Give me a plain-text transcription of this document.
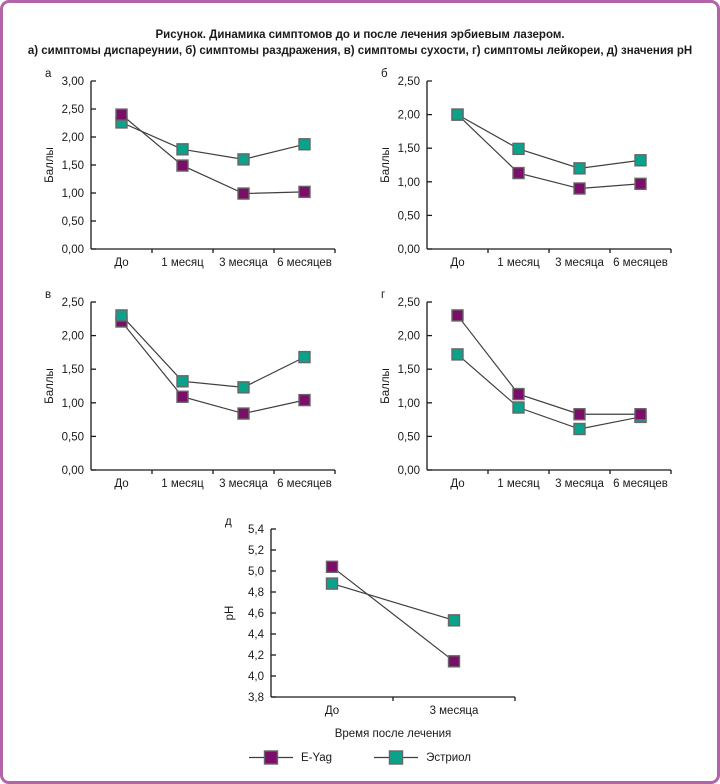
Рисунок. Динамика симптомов до и после лечения эрбиевым лазером.
а) симптомы диспареунии, б) симптомы раздражения, в) симптомы сухости, г) симптомы лейкореи, д) значения pH
а
0,00
0,50
1,00
1,50
2,00
2,50
3,00
До	1 месяц 3 месяца 6 месяцев
Баллы
б
0,00
0,50
1,00
1,50
2,00
2,50
До	1 месяц 3 месяца 6 месяцев
Баллы
в
0,00
0,50
1,00
1,50
2,00
2,50
До	1 месяц 3 месяца 6 месяцев
Баллы
г
0,00
0,50
1,00
1,50
2,00
2,50
До	1 месяц 3 месяца 6 месяцев
Баллы
д
3,8
4,0
4,2
4,4
4,6
4,8
5,0
5,2
5,4
До	3 месяца
pH
Время после лечения
E-Yag	Эстриол
